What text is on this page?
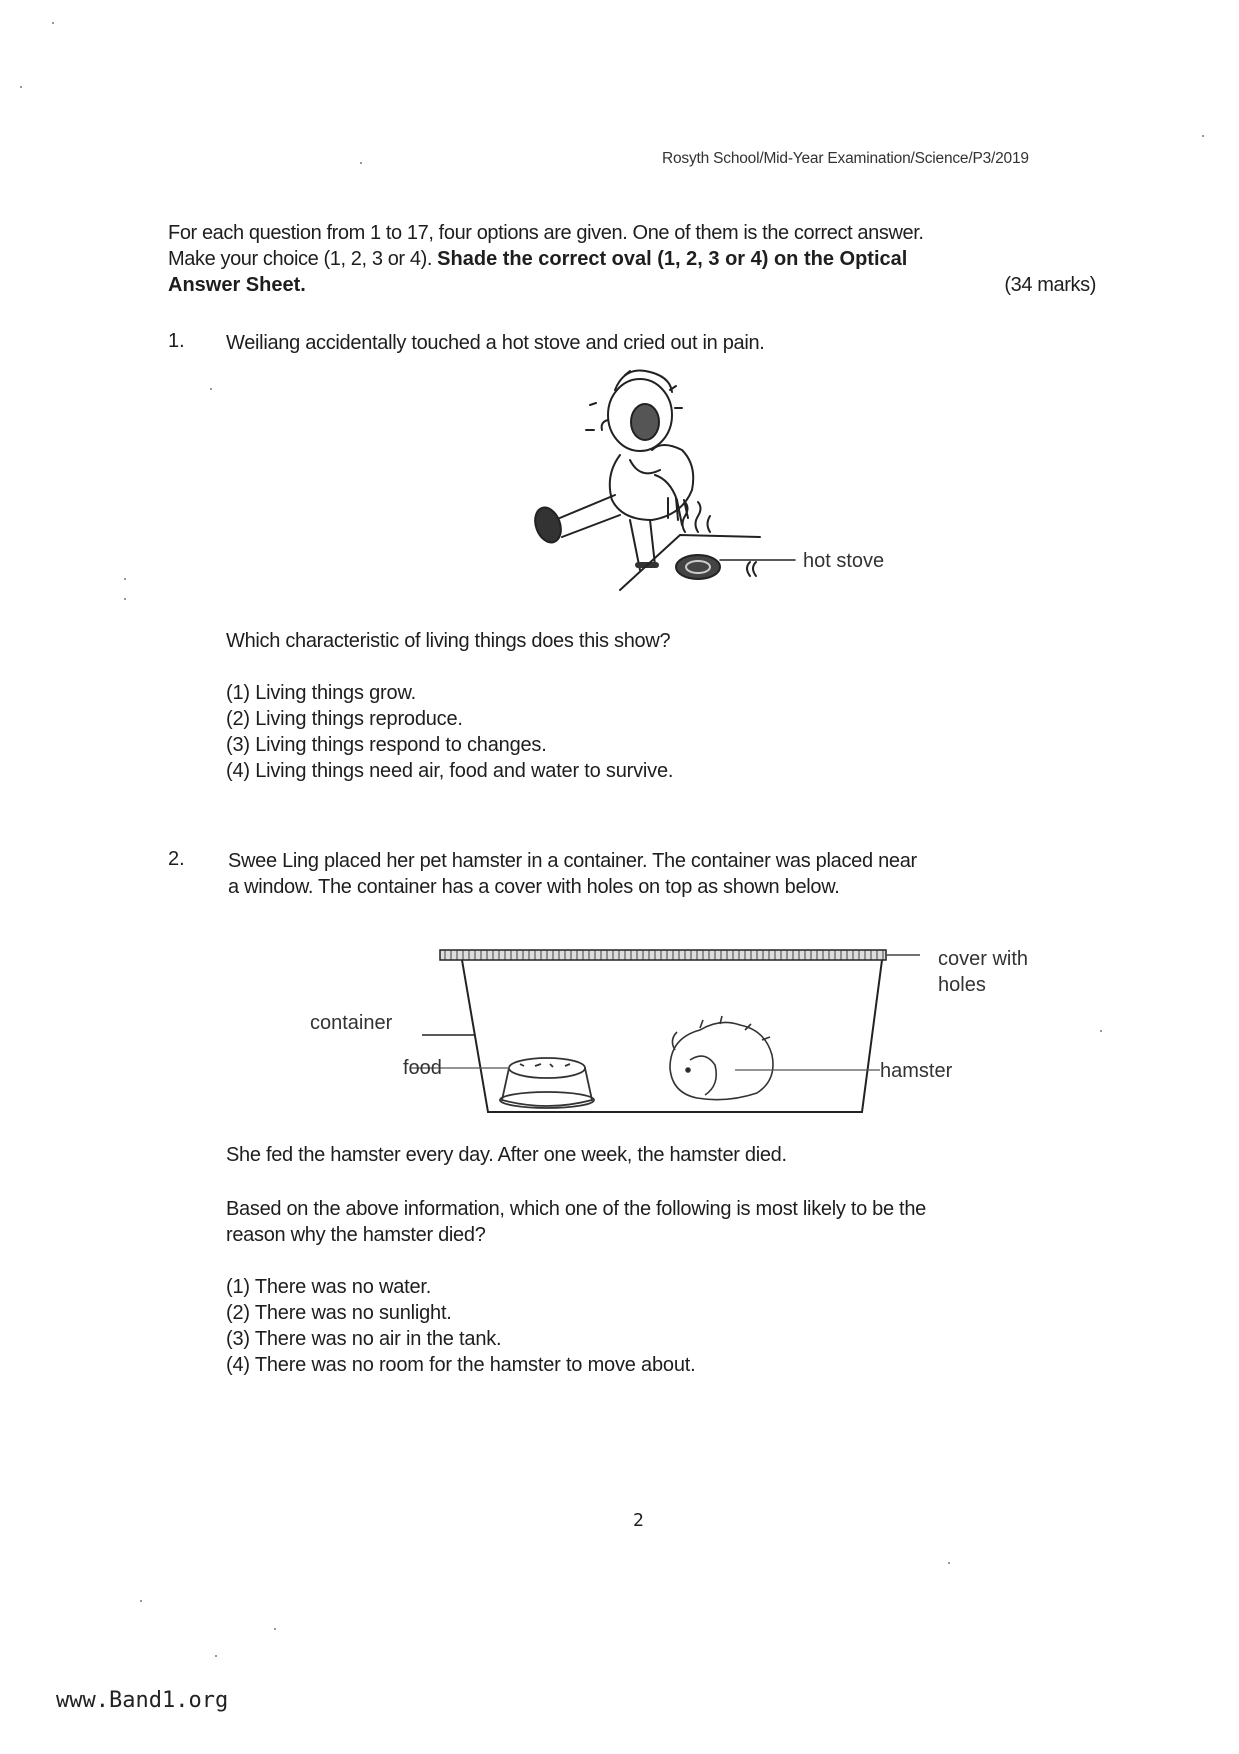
Rosyth School/Mid-Year Examination/Science/P3/2019
For each question from 1 to 17, four options are given. One of them is the correct answer.
Make your choice (1, 2, 3 or 4). Shade the correct oval (1, 2, 3 or 4) on the Optical
Answer Sheet.	(34 marks)
1. Weiliang accidentally touched a hot stove and cried out in pain.
hot stove
Which characteristic of living things does this show?
(1) Living things grow.
(2) Living things reproduce.
(3) Living things respond to changes.
(4) Living things need air, food and water to survive.
2. Swee Ling placed her pet hamster in a container. The container was placed near
a window. The container has a cover with holes on top as shown below.
cover with
holes
container
food	hamster
She fed the hamster every day. After one week, the hamster died.
Based on the above information, which one of the following is most likely to be the
reason why the hamster died?
(1) There was no water.
(2) There was no sunlight.
(3) There was no air in the tank.
(4) There was no room for the hamster to move about.
2
www.Band1.org
